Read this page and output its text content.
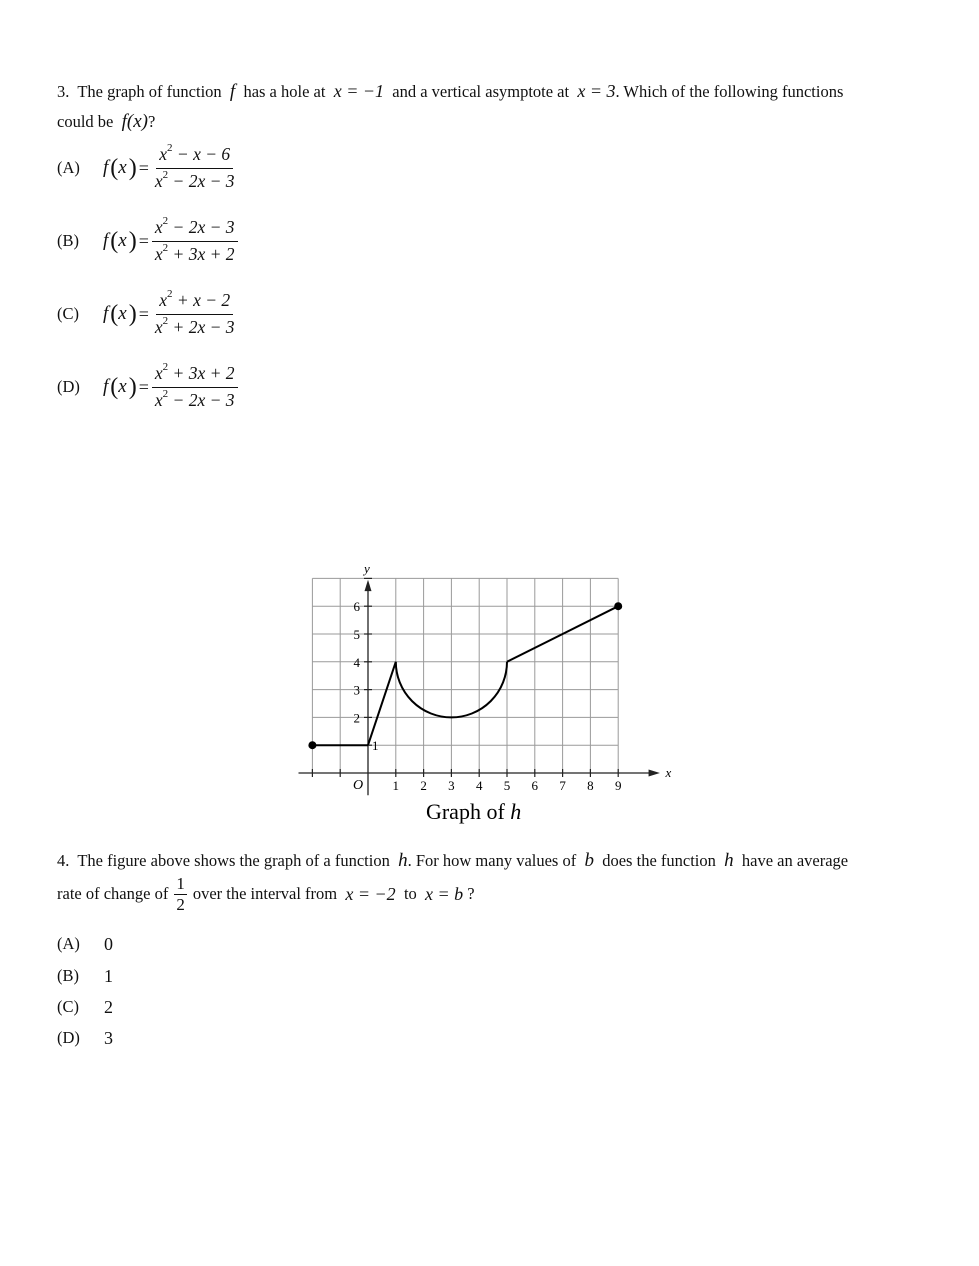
3. The graph of function f has a hole at x = −1 and a vertical asymptote at x = 3. Which of the following functions
could be f(x)?
(A)	f ( x ) = $\frac{x^2 - x - 6}{x^2 - 2x - 3}$
(B)	f ( x ) = $\frac{x^2 - 2x - 3}{x^2 + 3x + 2}$
(C)	f ( x ) = $\frac{x^2 + x - 2}{x^2 + 2x - 3}$
(D)	f ( x ) = $\frac{x^2 + 3x + 2}{x^2 - 2x - 3}$
1 2 3 4 5 6 7 8 9
1
2
3
4
5
6
O
x
y
Graph of h
4. The figure above shows the graph of a function h. For how many values of b does the function h have an average
rate of change of $\frac{1}{2}$ over the interval from
x = −2
to
x = b
?
(A)	0
(B)	1
(C)	2
(D)	3
